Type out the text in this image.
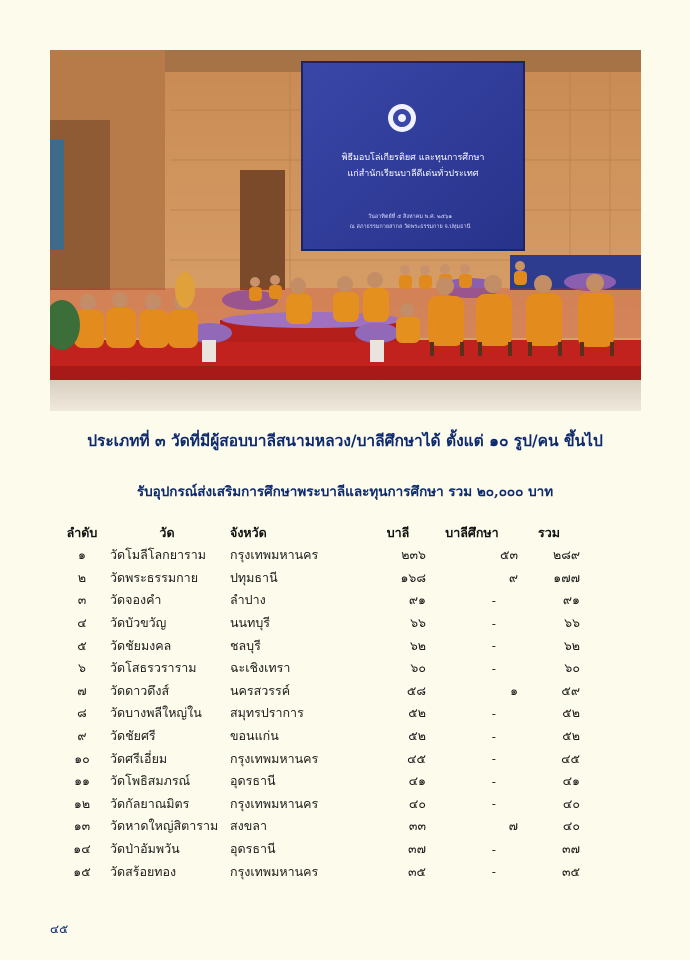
พิธีมอบโล่เกียรติยศ และทุนการศึกษา
แก่สำนักเรียนบาลีดีเด่นทั่วประเทศ
วันอาทิตย์ที่ ๕ สิงหาคม พ.ศ. ๒๕๖๑
ณ สภาธรรมกายสากล วัดพระธรรมกาย จ.ปทุมธานี
ประเภทที่ ๓ วัดที่มีผู้สอบบาลีสนามหลวง/บาลีศึกษาได้ ตั้งแต่ ๑๐ รูป/คน ขึ้นไป
รับอุปกรณ์ส่งเสริมการศึกษาพระบาลีและทุนการศึกษา รวม ๒๐,๐๐๐ บาท
ลำดับ	วัด	จังหวัด	บาลี	บาลีศึกษา	รวม
๑	วัดโมลีโลกยาราม	กรุงเทพมหานคร	๒๓๖	๕๓	๒๘๙
๒	วัดพระธรรมกาย	ปทุมธานี	๑๖๘	๙	๑๗๗
๓	วัดจองคำ	ลำปาง	๙๑	-	๙๑
๔	วัดบัวขวัญ	นนทบุรี	๖๖	-	๖๖
๕	วัดชัยมงคล	ชลบุรี	๖๒	-	๖๒
๖	วัดโสธรวราราม	ฉะเชิงเทรา	๖๐	-	๖๐
๗	วัดดาวดึงส์	นครสวรรค์	๕๘	๑	๕๙
๘	วัดบางพลีใหญ่ใน	สมุทรปราการ	๕๒	-	๕๒
๙	วัดชัยศรี	ขอนแก่น	๕๒	-	๕๒
๑๐	วัดศรีเอี่ยม	กรุงเทพมหานคร	๔๕	-	๔๕
๑๑	วัดโพธิสมภรณ์	อุดรธานี	๔๑	-	๔๑
๑๒	วัดกัลยาณมิตร	กรุงเทพมหานคร	๔๐	-	๔๐
๑๓	วัดหาดใหญ่สิตาราม	สงขลา	๓๓	๗	๔๐
๑๔	วัดป่าอัมพวัน	อุดรธานี	๓๗	-	๓๗
๑๕	วัดสร้อยทอง	กรุงเทพมหานคร	๓๕	-	๓๕
๔๕
